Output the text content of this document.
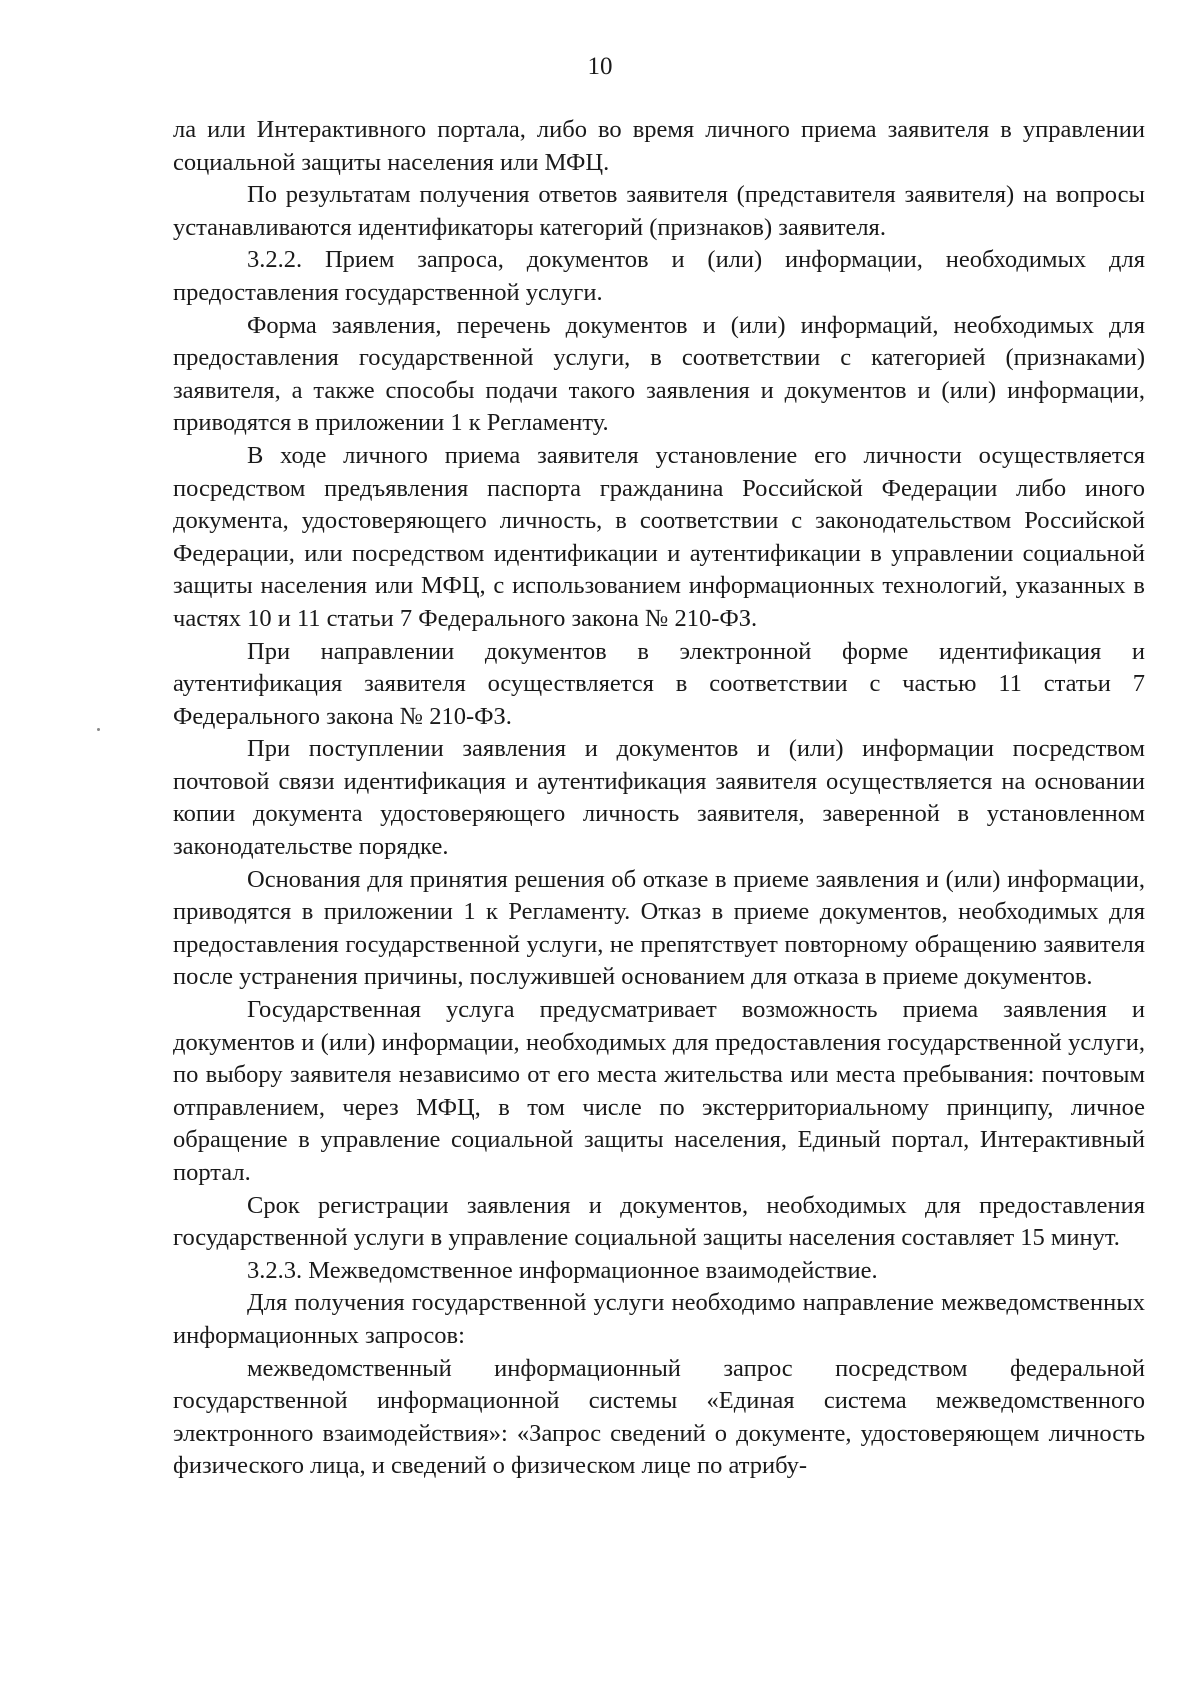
10

ла или Интерактивного портала, либо во время личного приема заявителя в управлении социальной защиты населения или МФЦ.

По результатам получения ответов заявителя (представителя заявителя) на вопросы устанавливаются идентификаторы категорий (признаков) заявителя.

3.2.2. Прием запроса, документов и (или) информации, необходимых для предоставления государственной услуги.

Форма заявления, перечень документов и (или) информаций, необходимых для предоставления государственной услуги, в соответствии с категорией (признаками) заявителя, а также способы подачи такого заявления и документов и (или) информации, приводятся в приложении 1 к Регламенту.

В ходе личного приема заявителя установление его личности осуществляется посредством предъявления паспорта гражданина Российской Федерации либо иного документа, удостоверяющего личность, в соответствии с законодательством Российской Федерации, или посредством идентификации и аутентификации в управлении социальной защиты населения или МФЦ, с использованием информационных технологий, указанных в частях 10 и 11 статьи 7 Федерального закона № 210-ФЗ.

При направлении документов в электронной форме идентификация и аутентификация заявителя осуществляется в соответствии с частью 11 статьи 7 Федерального закона № 210-ФЗ.

При поступлении заявления и документов и (или) информации посредством почтовой связи идентификация и аутентификация заявителя осуществляется на основании копии документа удостоверяющего личность заявителя, заверенной в установленном законодательстве порядке.

Основания для принятия решения об отказе в приеме заявления и (или) информации, приводятся в приложении 1 к Регламенту. Отказ в приеме документов, необходимых для предоставления государственной услуги, не препятствует повторному обращению заявителя после устранения причины, послужившей основанием для отказа в приеме документов.

Государственная услуга предусматривает возможность приема заявления и документов и (или) информации, необходимых для предоставления государственной услуги, по выбору заявителя независимо от его места жительства или места пребывания: почтовым отправлением, через МФЦ, в том числе по экстерриториальному принципу, личное обращение в управление социальной защиты населения, Единый портал, Интерактивный портал.

Срок регистрации заявления и документов, необходимых для предоставления государственной услуги в управление социальной защиты населения составляет 15 минут.

3.2.3. Межведомственное информационное взаимодействие.

Для получения государственной услуги необходимо направление межведомственных информационных запросов:

межведомственный информационный запрос посредством федеральной государственной информационной системы «Единая система межведомственного электронного взаимодействия»: «Запрос сведений о документе, удостоверяющем личность физического лица, и сведений о физическом лице по атрибу-
